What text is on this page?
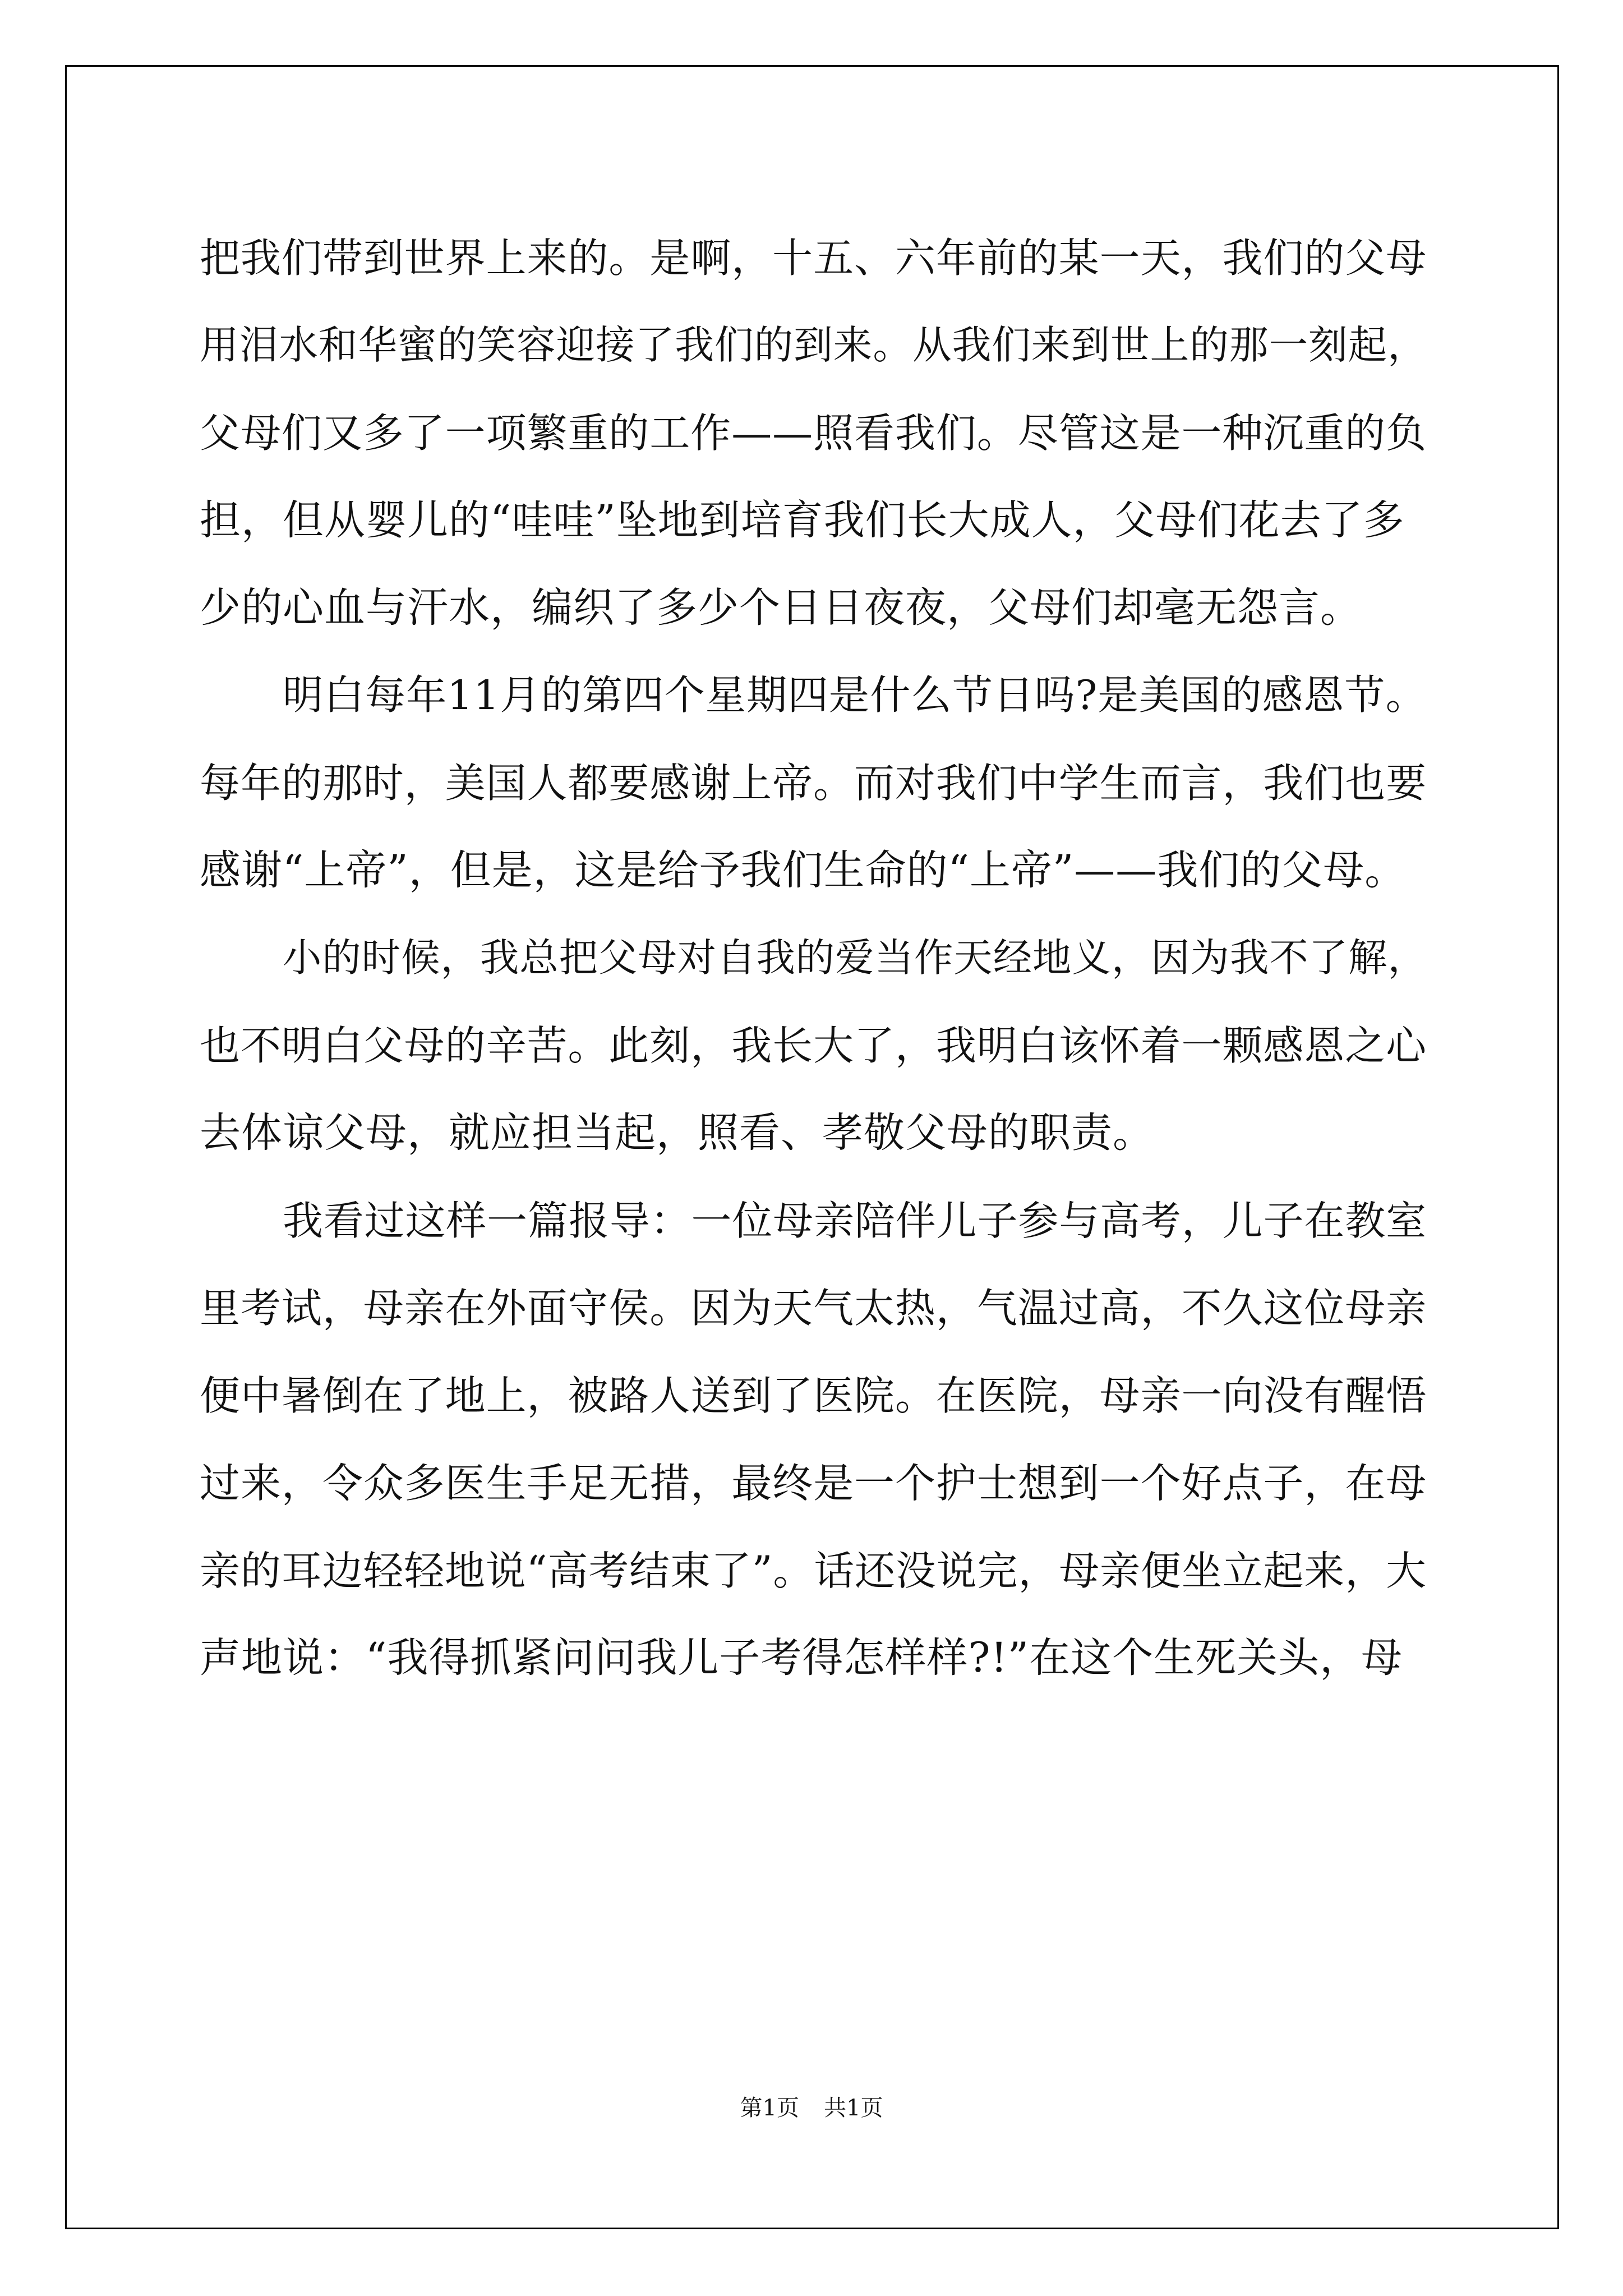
把我们带到世界上来的。是啊，十五、六年前的某一天，我们的父母
用泪水和华蜜的笑容迎接了我们的到来。从我们来到世上的那一刻起，
父母们又多了一项繁重的工作——照看我们。尽管这是一种沉重的负
担，但从婴儿的“哇哇”坠地到培育我们长大成人，父母们花去了多
少的心血与汗水，编织了多少个日日夜夜，父母们却毫无怨言。
明白每年11月的第四个星期四是什么节日吗?是美国的感恩节。
每年的那时，美国人都要感谢上帝。而对我们中学生而言，我们也要
感谢“上帝”，但是，这是给予我们生命的“上帝”——我们的父母。
小的时候，我总把父母对自我的爱当作天经地义，因为我不了解，
也不明白父母的辛苦。此刻，我长大了，我明白该怀着一颗感恩之心
去体谅父母，就应担当起，照看、孝敬父母的职责。
我看过这样一篇报导：一位母亲陪伴儿子参与高考，儿子在教室
里考试，母亲在外面守侯。因为天气太热，气温过高，不久这位母亲
便中暑倒在了地上，被路人送到了医院。在医院，母亲一向没有醒悟
过来，令众多医生手足无措，最终是一个护士想到一个好点子，在母
亲的耳边轻轻地说“高考结束了”。话还没说完，母亲便坐立起来，大
声地说：“我得抓紧问问我儿子考得怎样样?!”在这个生死关头，母
第1页 共1页
